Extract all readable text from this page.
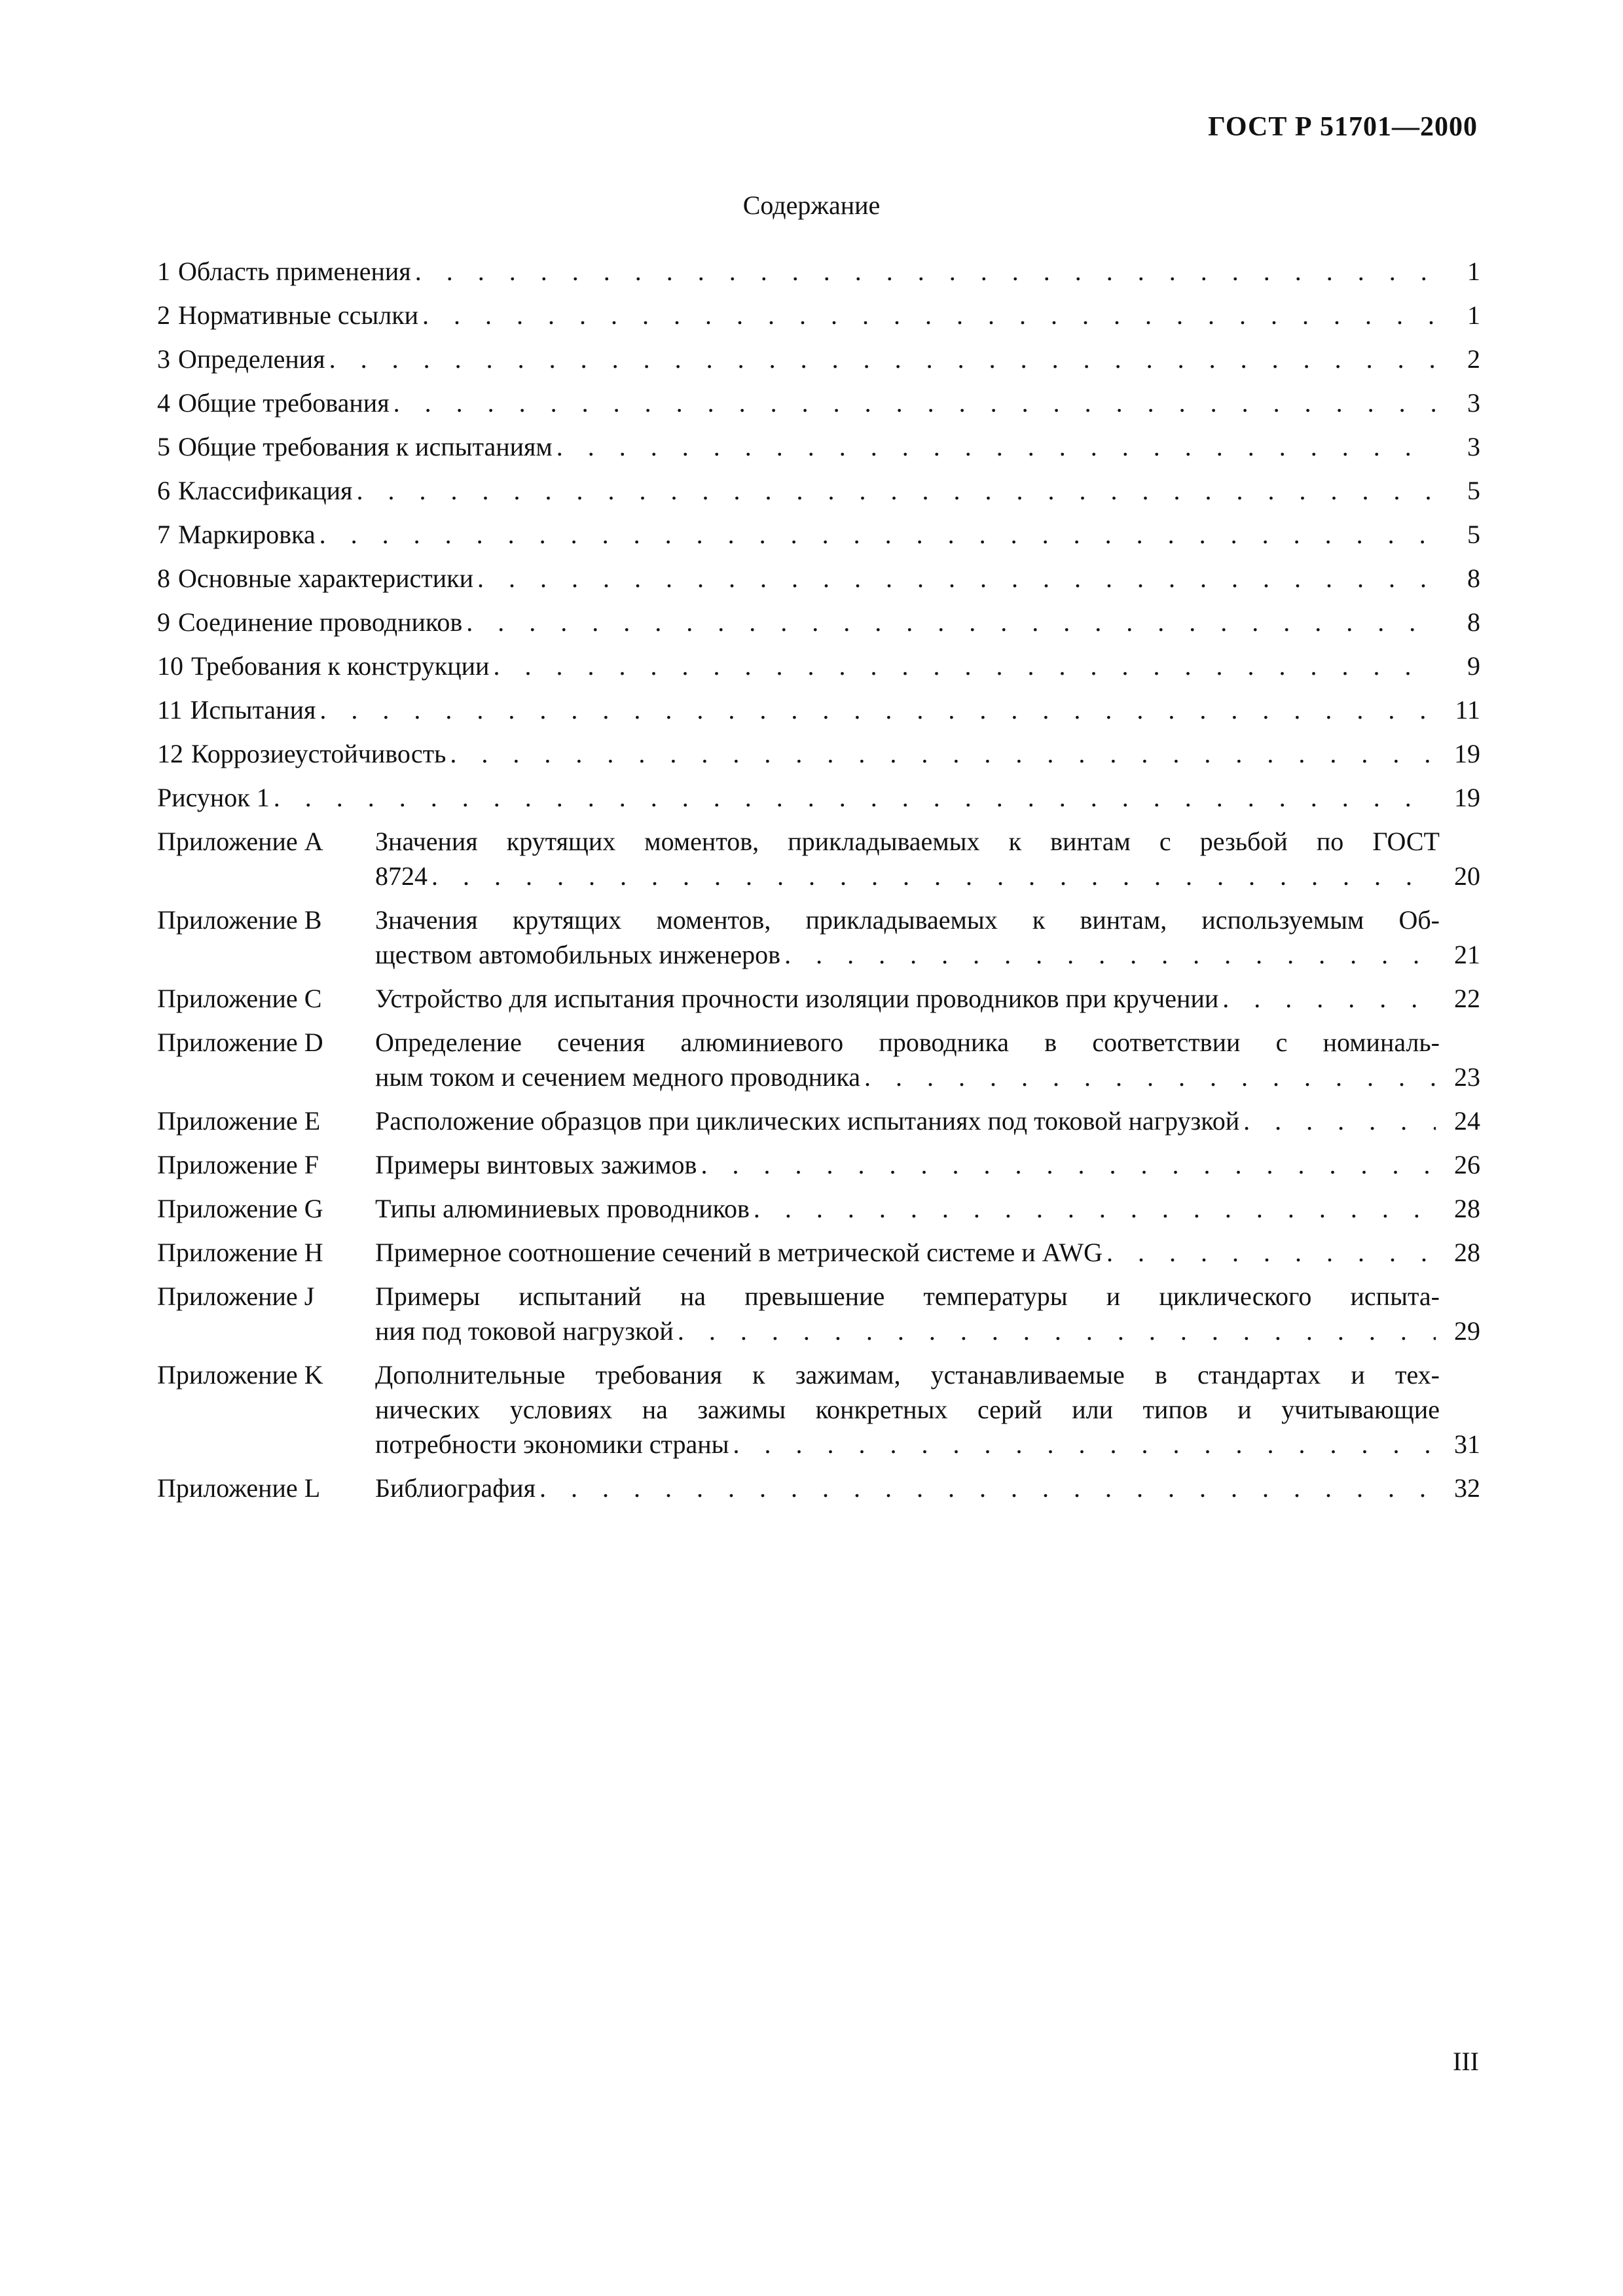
ГОСТ Р 51701—2000
Содержание
1 Область применения . . .	1
2 Нормативные ссылки . . .	1
3 Определения . . .	2
4 Общие требования . . .	3
5 Общие требования к испытаниям . . .	3
6 Классификация . . .	5
7 Маркировка . . .	5
8 Основные характеристики . . .	8
9 Соединение проводников . . .	8
10 Требования к конструкции . . .	9
11 Испытания . . .	11
12 Коррозиеустойчивость . . .	19
Рисунок 1 . . .	19
Приложение A	Значения крутящих моментов, прикладываемых к винтам с резьбой по ГОСТ
8724 . . .	20
Приложение B	Значения крутящих моментов, прикладываемых к винтам, используемым Об-
ществом автомобильных инженеров . . .	21
Приложение C	Устройство для испытания прочности изоляции проводников при кручении . . .	22
Приложение D	Определение сечения алюминиевого проводника в соответствии с номиналь-
ным током и сечением медного проводника . . .	23
Приложение E	Расположение образцов при циклических испытаниях под токовой нагрузкой . . .	24
Приложение F	Примеры винтовых зажимов . . .	26
Приложение G	Типы алюминиевых проводников . . .	28
Приложение H	Примерное соотношение сечений в метрической системе и AWG . . .	28
Приложение J	Примеры испытаний на превышение температуры и циклического испыта-
ния под токовой нагрузкой . . .	29
Приложение K	Дополнительные требования к зажимам, устанавливаемые в стандартах и тех-
нических условиях на зажимы конкретных серий или типов и учитывающие
потребности экономики страны . . .	31
Приложение L	Библиография . . .	32
III
